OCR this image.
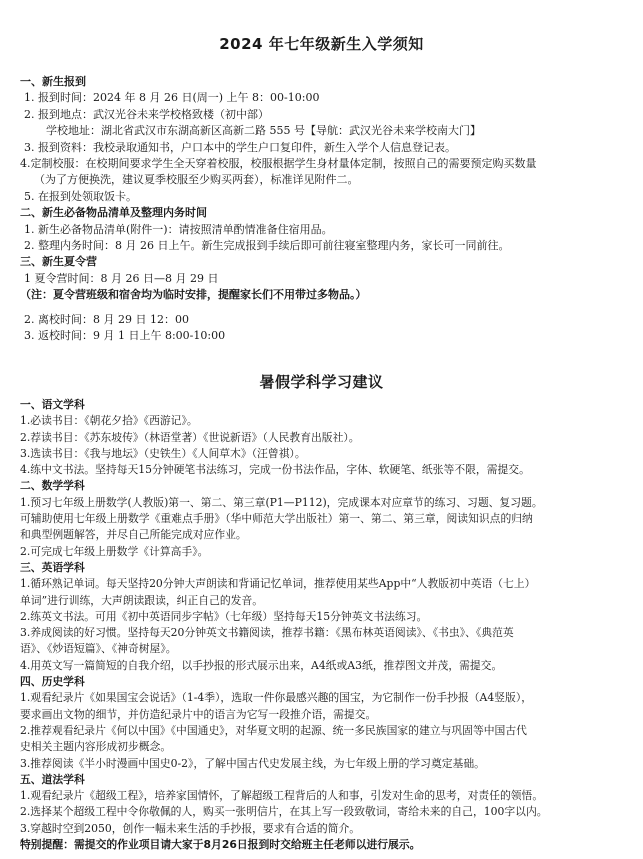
2024 年七年级新生入学须知
一、新生报到
1. 报到时间：2024 年 8 月 26 日(周一) 上午 8：00-10:00
2. 报到地点：武汉光谷未来学校格致楼（初中部）
学校地址：湖北省武汉市东湖高新区高新二路 555 号【导航：武汉光谷未来学校南大门】
3. 报到资料：我校录取通知书，户口本中的学生户口复印件，新生入学个人信息登记表。
4.定制校服：在校期间要求学生全天穿着校服，校服根据学生身材量体定制，按照自己的需要预定购买数量
（为了方便换洗，建议夏季校服至少购买两套），标准详见附件二。
5. 在报到处领取饭卡。
二、新生必备物品清单及整理内务时间
1. 新生必备物品清单(附件一)：请按照清单酌情准备住宿用品。
2. 整理内务时间：8 月 26 日上午。新生完成报到手续后即可前往寝室整理内务，家长可一同前往。
三、新生夏令营
1 夏令营时间：8 月 26 日—8 月 29 日
（注：夏令营班级和宿舍均为临时安排，提醒家长们不用带过多物品。）
2. 离校时间：8 月 29 日 12：00
3. 返校时间：9 月 1 日上午 8:00-10:00
暑假学科学习建议
一、语文学科
1.必读书目：《朝花夕拾》《西游记》。
2.荐读书目：《苏东坡传》（林语堂著）《世说新语》（人民教育出版社）。
3.选读书目：《我与地坛》（史铁生）《人间草木》（汪曾祺）。
4.练中文书法。坚持每天15分钟硬笔书法练习，完成一份书法作品，字体、软硬笔、纸张等不限，需提交。
二、数学学科
1.预习七年级上册数学(人教版)第一、第二、第三章(P1—P112)，完成课本对应章节的练习、习题、复习题。
可辅助使用七年级上册数学《重难点手册》（华中师范大学出版社）第一、第二、第三章，阅读知识点的归纳
和典型例题解答，并尽自己所能完成对应作业。
2.可完成七年级上册数学《计算高手》。
三、英语学科
1.循环熟记单词。每天坚持20分钟大声朗读和背诵记忆单词，推荐使用某些App中“人教版初中英语（七上）
单词”进行训练，大声朗读跟读，纠正自己的发音。
2.练英文书法。可用《初中英语同步字帖》（七年级）坚持每天15分钟英文书法练习。
3.养成阅读的好习惯。坚持每天20分钟英文书籍阅读，推荐书籍：《黑布林英语阅读》、《书虫》、《典范英
语》、《炒语短篇》、《神奇树屋》。
4.用英文写一篇简短的自我介绍，以手抄报的形式展示出来，A4纸或A3纸，推荐图文并茂，需提交。
四、历史学科
1.观看纪录片《如果国宝会说话》（1-4季），选取一件你最感兴趣的国宝，为它制作一份手抄报（A4竖版），
要求画出文物的细节，并仿造纪录片中的语言为它写一段推介语，需提交。
2.推荐观看纪录片《何以中国》《中国通史》，对华夏文明的起源、统一多民族国家的建立与巩固等中国古代
史相关主题内容形成初步概念。
3.推荐阅读《半小时漫画中国史0-2》，了解中国古代史发展主线，为七年级上册的学习奠定基础。
五、道法学科
1.观看纪录片《超级工程》，培养家国情怀，了解超级工程背后的人和事，引发对生命的思考，对责任的领悟。
2.选择某个超级工程中令你敬佩的人，购买一张明信片，在其上写一段致敬词，寄给未来的自己，100字以内。
3.穿越时空到2050，创作一幅未来生活的手抄报，要求有合适的简介。
特别提醒：需提交的作业项目请大家于8月26日报到时交给班主任老师以进行展示。
